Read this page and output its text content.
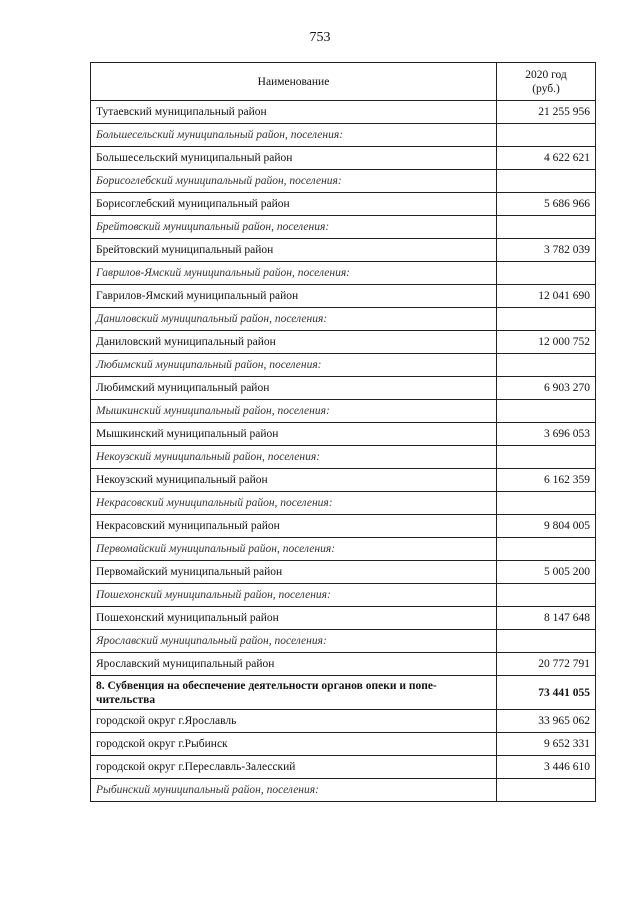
753
Наименование	2020 год
(руб.)

Тутаевский муниципальный район	21 255 956
Большесельский муниципальный район, поселения:	
Большесельский муниципальный район	4 622 621
Борисоглебский муниципальный район, поселения:	
Борисоглебский муниципальный район	5 686 966
Брейтовский муниципальный район, поселения:	
Брейтовский муниципальный район	3 782 039
Гаврилов-Ямский муниципальный район, поселения:	
Гаврилов-Ямский муниципальный район	12 041 690
Даниловский муниципальный район, поселения:	
Даниловский муниципальный район	12 000 752
Любимский муниципальный район, поселения:	
Любимский муниципальный район	6 903 270
Мышкинский муниципальный район, поселения:	
Мышкинский муниципальный район	3 696 053
Некоузский муниципальный район, поселения:	
Некоузский муниципальный район	6 162 359
Некрасовский муниципальный район, поселения:	
Некрасовский муниципальный район	9 804 005
Первомайский муниципальный район, поселения:	
Первомайский муниципальный район	5 005 200
Пошехонский муниципальный район, поселения:	
Пошехонский муниципальный район	8 147 648
Ярославский муниципальный район, поселения:	
Ярославский муниципальный район	20 772 791

8. Субвенция на обеспечение деятельности органов опеки и попе-
чительства	73 441 055
городской округ г.Ярославль	33 965 062
городской округ г.Рыбинск	9 652 331
городской округ г.Переславль-Залесский	3 446 610
Рыбинский муниципальный район, поселения:	
